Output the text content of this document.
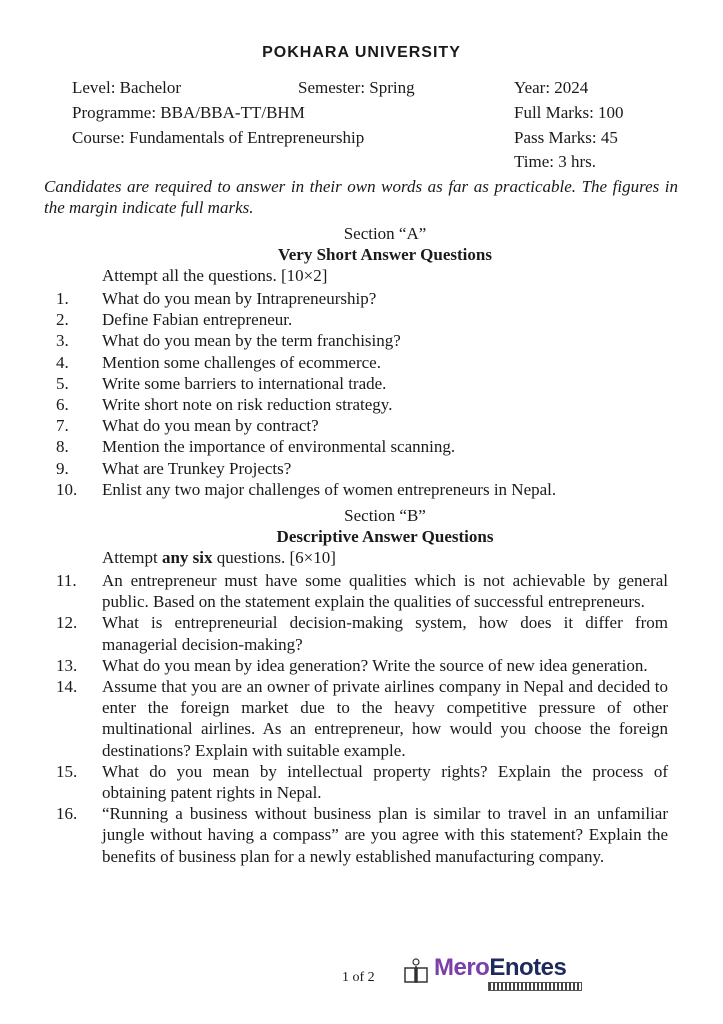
POKHARA UNIVERSITY
Level: Bachelor	Semester: Spring	Year: 2024
Programme: BBA/BBA-TT/BHM	Full Marks: 100
Course: Fundamentals of Entrepreneurship	Pass Marks: 45
Time: 3 hrs.
Candidates are required to answer in their own words as far as practicable. The figures in the margin indicate full marks.
Section “A”
Very Short Answer Questions
Attempt all the questions. [10×2]
1.	What do you mean by Intrapreneurship?
2.	Define Fabian entrepreneur.
3.	What do you mean by the term franchising?
4.	Mention some challenges of ecommerce.
5.	Write some barriers to international trade.
6.	Write short note on risk reduction strategy.
7.	What do you mean by contract?
8.	Mention the importance of environmental scanning.
9.	What are Trunkey Projects?
10.	Enlist any two major challenges of women entrepreneurs in Nepal.
Section “B”
Descriptive Answer Questions
Attempt any six questions. [6×10]
11.	An entrepreneur must have some qualities which is not achievable by general public. Based on the statement explain the qualities of successful entrepreneurs.
12.	What is entrepreneurial decision-making system, how does it differ from managerial decision-making?
13.	What do you mean by idea generation? Write the source of new idea generation.
14.	Assume that you are an owner of private airlines company in Nepal and decided to enter the foreign market due to the heavy competitive pressure of other multinational airlines. As an entrepreneur, how would you choose the foreign destinations? Explain with suitable example.
15.	What do you mean by intellectual property rights? Explain the process of obtaining patent rights in Nepal.
16.	“Running a business without business plan is similar to travel in an unfamiliar jungle without having a compass” are you agree with this statement? Explain the benefits of business plan for a newly established manufacturing company.
1 of 2 MeroEnotes
